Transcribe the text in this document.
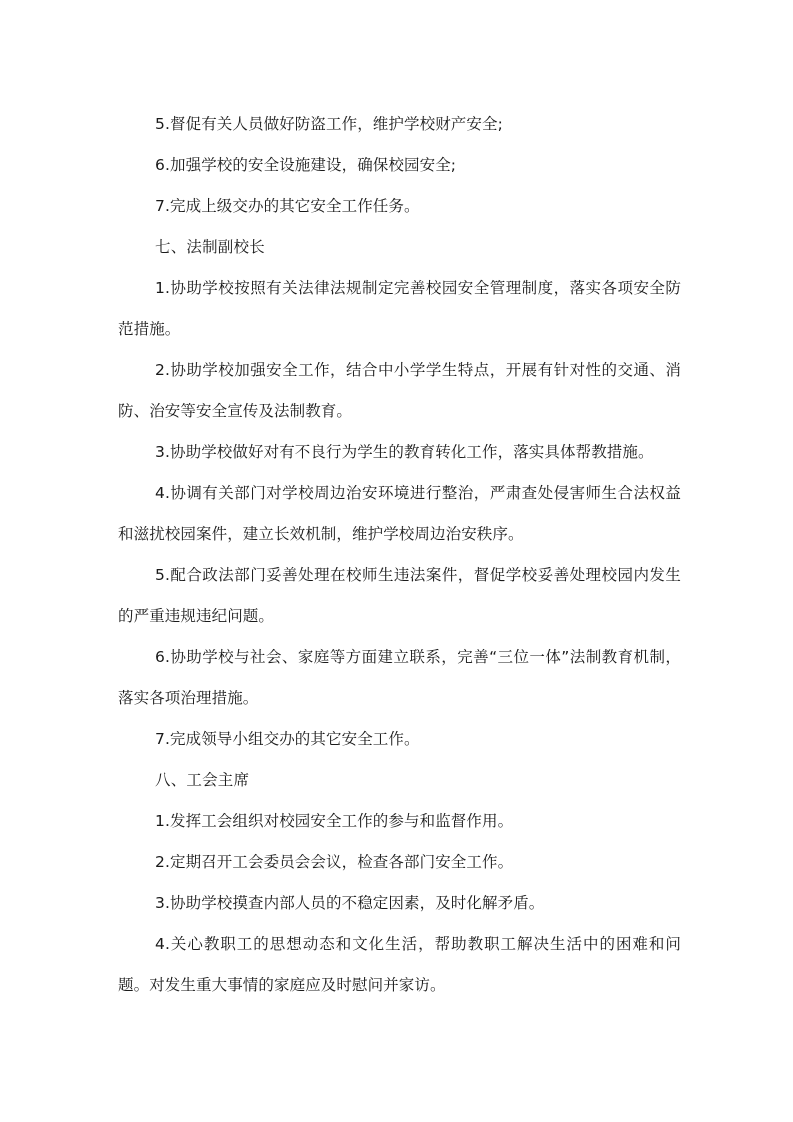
5.督促有关人员做好防盗工作，维护学校财产安全;

6.加强学校的安全设施建设，确保校园安全;

7.完成上级交办的其它安全工作任务。

七、法制副校长

1.协助学校按照有关法律法规制定完善校园安全管理制度，落实各项安全防范措施。

2.协助学校加强安全工作，结合中小学学生特点，开展有针对性的交通、消防、治安等安全宣传及法制教育。

3.协助学校做好对有不良行为学生的教育转化工作，落实具体帮教措施。

4.协调有关部门对学校周边治安环境进行整治，严肃查处侵害师生合法权益和滋扰校园案件，建立长效机制，维护学校周边治安秩序。

5.配合政法部门妥善处理在校师生违法案件，督促学校妥善处理校园内发生的严重违规违纪问题。

6.协助学校与社会、家庭等方面建立联系，完善“三位一体”法制教育机制，落实各项治理措施。

7.完成领导小组交办的其它安全工作。

八、工会主席

1.发挥工会组织对校园安全工作的参与和监督作用。

2.定期召开工会委员会会议，检查各部门安全工作。

3.协助学校摸查内部人员的不稳定因素，及时化解矛盾。

4.关心教职工的思想动态和文化生活，帮助教职工解决生活中的困难和问题。对发生重大事情的家庭应及时慰问并家访。
